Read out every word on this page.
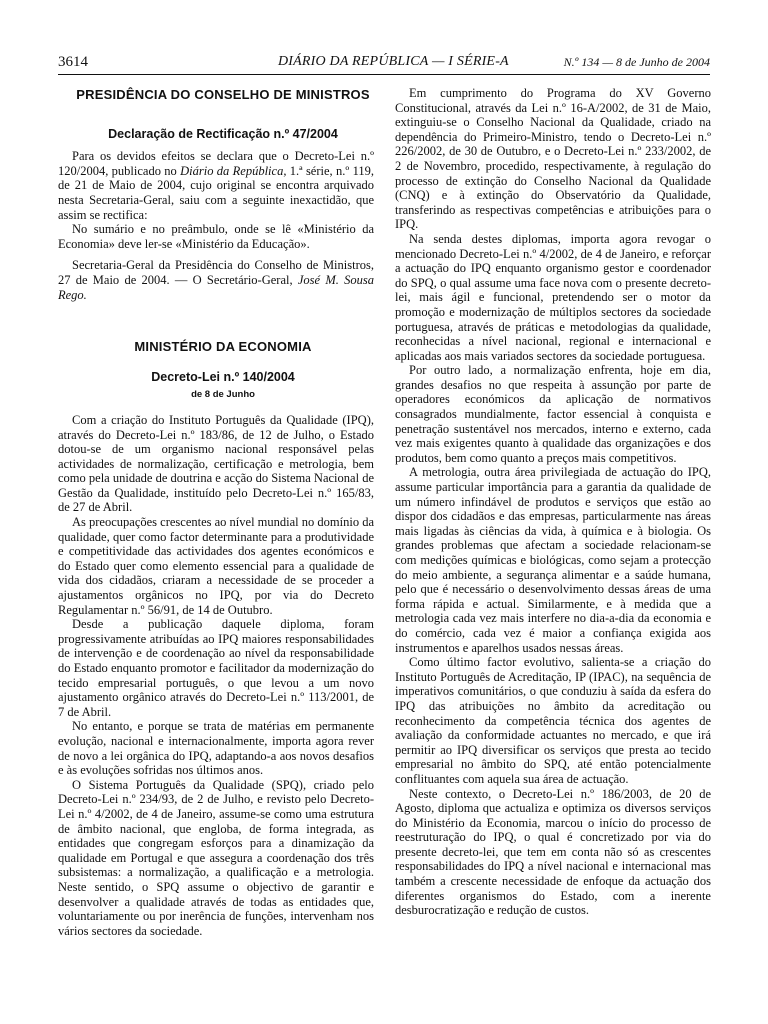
3614	DIÁRIO DA REPÚBLICA — I SÉRIE-A	N.º 134 — 8 de Junho de 2004

PRESIDÊNCIA DO CONSELHO DE MINISTROS

Declaração de Rectificação n.º 47/2004

Para os devidos efeitos se declara que o Decreto-Lei n.º 120/2004, publicado no Diário da República, 1.ª série, n.º 119, de 21 de Maio de 2004, cujo original se encontra arquivado nesta Secretaria-Geral, saiu com a seguinte inexactidão, que assim se rectifica:

No sumário e no preâmbulo, onde se lê «Ministério da Economia» deve ler-se «Ministério da Educação».

Secretaria-Geral da Presidência do Conselho de Ministros, 27 de Maio de 2004. — O Secretário-Geral, José M. Sousa Rego.

MINISTÉRIO DA ECONOMIA

Decreto-Lei n.º 140/2004

de 8 de Junho

Com a criação do Instituto Português da Qualidade (IPQ), através do Decreto-Lei n.º 183/86, de 12 de Julho, o Estado dotou-se de um organismo nacional responsável pelas actividades de normalização, certificação e metrologia, bem como pela unidade de doutrina e acção do Sistema Nacional de Gestão da Qualidade, instituído pelo Decreto-Lei n.º 165/83, de 27 de Abril.

As preocupações crescentes ao nível mundial no domínio da qualidade, quer como factor determinante para a produtividade e competitividade das actividades dos agentes económicos e do Estado quer como elemento essencial para a qualidade de vida dos cidadãos, criaram a necessidade de se proceder a ajustamentos orgânicos no IPQ, por via do Decreto Regulamentar n.º 56/91, de 14 de Outubro.

Desde a publicação daquele diploma, foram progressivamente atribuídas ao IPQ maiores responsabilidades de intervenção e de coordenação ao nível da responsabilidade do Estado enquanto promotor e facilitador da modernização do tecido empresarial português, o que levou a um novo ajustamento orgânico através do Decreto-Lei n.º 113/2001, de 7 de Abril.

No entanto, e porque se trata de matérias em permanente evolução, nacional e internacionalmente, importa agora rever de novo a lei orgânica do IPQ, adaptando-a aos novos desafios e às evoluções sofridas nos últimos anos.

O Sistema Português da Qualidade (SPQ), criado pelo Decreto-Lei n.º 234/93, de 2 de Julho, e revisto pelo Decreto-Lei n.º 4/2002, de 4 de Janeiro, assume-se como uma estrutura de âmbito nacional, que engloba, de forma integrada, as entidades que congregam esforços para a dinamização da qualidade em Portugal e que assegura a coordenação dos três subsistemas: a normalização, a qualificação e a metrologia. Neste sentido, o SPQ assume o objectivo de garantir e desenvolver a qualidade através de todas as entidades que, voluntariamente ou por inerência de funções, intervenham nos vários sectores da sociedade.

Em cumprimento do Programa do XV Governo Constitucional, através da Lei n.º 16-A/2002, de 31 de Maio, extinguiu-se o Conselho Nacional da Qualidade, criado na dependência do Primeiro-Ministro, tendo o Decreto-Lei n.º 226/2002, de 30 de Outubro, e o Decreto-Lei n.º 233/2002, de 2 de Novembro, procedido, respectivamente, à regulação do processo de extinção do Conselho Nacional da Qualidade (CNQ) e à extinção do Observatório da Qualidade, transferindo as respectivas competências e atribuições para o IPQ.

Na senda destes diplomas, importa agora revogar o mencionado Decreto-Lei n.º 4/2002, de 4 de Janeiro, e reforçar a actuação do IPQ enquanto organismo gestor e coordenador do SPQ, o qual assume uma face nova com o presente decreto-lei, mais ágil e funcional, pretendendo ser o motor da promoção e modernização de múltiplos sectores da sociedade portuguesa, através de práticas e metodologias da qualidade, reconhecidas a nível nacional, regional e internacional e aplicadas aos mais variados sectores da sociedade portuguesa.

Por outro lado, a normalização enfrenta, hoje em dia, grandes desafios no que respeita à assunção por parte de operadores económicos da aplicação de normativos consagrados mundialmente, factor essencial à conquista e penetração sustentável nos mercados, interno e externo, cada vez mais exigentes quanto à qualidade das organizações e dos produtos, bem como quanto a preços mais competitivos.

A metrologia, outra área privilegiada de actuação do IPQ, assume particular importância para a garantia da qualidade de um número infindável de produtos e serviços que estão ao dispor dos cidadãos e das empresas, particularmente nas áreas mais ligadas às ciências da vida, à química e à biologia. Os grandes problemas que afectam a sociedade relacionam-se com medições químicas e biológicas, como sejam a protecção do meio ambiente, a segurança alimentar e a saúde humana, pelo que é necessário o desenvolvimento dessas áreas de uma forma rápida e actual. Similarmente, e à medida que a metrologia cada vez mais interfere no dia-a-dia da economia e do comércio, cada vez é maior a confiança exigida aos instrumentos e aparelhos usados nessas áreas.

Como último factor evolutivo, salienta-se a criação do Instituto Português de Acreditação, IP (IPAC), na sequência de imperativos comunitários, o que conduziu à saída da esfera do IPQ das atribuições no âmbito da acreditação ou reconhecimento da competência técnica dos agentes de avaliação da conformidade actuantes no mercado, e que irá permitir ao IPQ diversificar os serviços que presta ao tecido empresarial no âmbito do SPQ, até então potencialmente conflituantes com aquela sua área de actuação.

Neste contexto, o Decreto-Lei n.º 186/2003, de 20 de Agosto, diploma que actualiza e optimiza os diversos serviços do Ministério da Economia, marcou o início do processo de reestruturação do IPQ, o qual é concretizado por via do presente decreto-lei, que tem em conta não só as crescentes responsabilidades do IPQ a nível nacional e internacional mas também a crescente necessidade de enfoque da actuação dos diferentes organismos do Estado, com a inerente desburocratização e redução de custos.
